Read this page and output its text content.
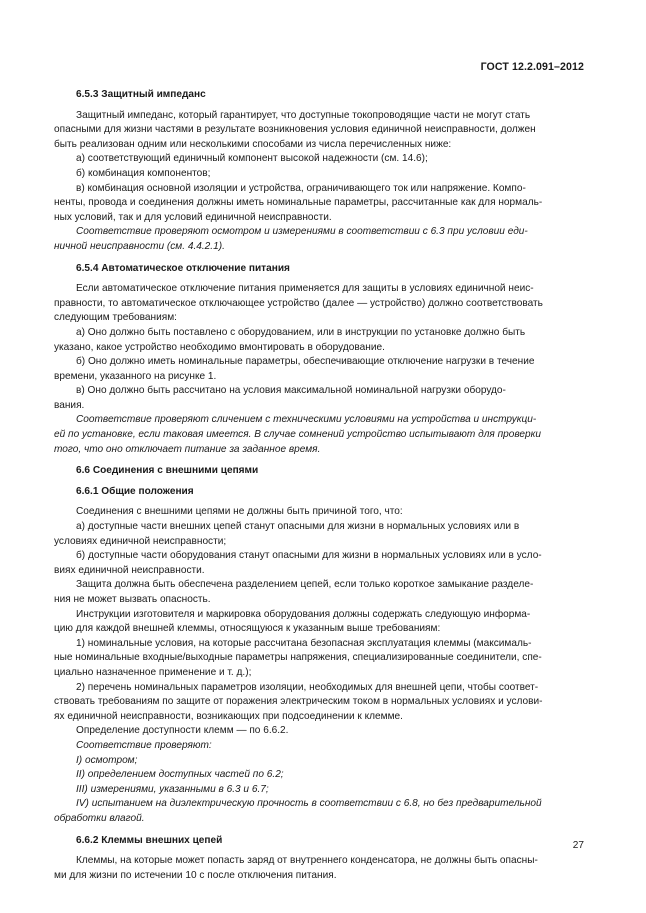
ГОСТ 12.2.091–2012
6.5.3 Защитный импеданс
Защитный импеданс, который гарантирует, что доступные токопроводящие части не могут стать
опасными для жизни частями в результате возникновения условия единичной неисправности, должен
быть реализован одним или несколькими способами из числа перечисленных ниже:
а) соответствующий единичный компонент высокой надежности (см. 14.6);
б) комбинация компонентов;
в) комбинация основной изоляции и устройства, ограничивающего ток или напряжение. Компо-
ненты, провода и соединения должны иметь номинальные параметры, рассчитанные как для нормаль-
ных условий, так и для условий единичной неисправности.
Соответствие проверяют осмотром и измерениями в соответствии с 6.3 при условии еди-
ничной неисправности (см. 4.4.2.1).
6.5.4 Автоматическое отключение питания
Если автоматическое отключение питания применяется для защиты в условиях единичной неис-
правности, то автоматическое отключающее устройство (далее — устройство) должно соответствовать
следующим требованиям:
а) Оно должно быть поставлено с оборудованием, или в инструкции по установке должно быть
указано, какое устройство необходимо вмонтировать в оборудование.
б) Оно должно иметь номинальные параметры, обеспечивающие отключение нагрузки в течение
времени, указанного на рисунке 1.
в) Оно должно быть рассчитано на условия максимальной номинальной нагрузки оборудо-
вания.
Соответствие проверяют сличением с техническими условиями на устройства и инструкци-
ей по установке, если таковая имеется. В случае сомнений устройство испытывают для проверки
того, что оно отключает питание за заданное время.
6.6 Соединения с внешними цепями
6.6.1 Общие положения
Соединения с внешними цепями не должны быть причиной того, что:
а) доступные части внешних цепей станут опасными для жизни в нормальных условиях или в
условиях единичной неисправности;
б) доступные части оборудования станут опасными для жизни в нормальных условиях или в усло-
виях единичной неисправности.
Защита должна быть обеспечена разделением цепей, если только короткое замыкание разделе-
ния не может вызвать опасность.
Инструкции изготовителя и маркировка оборудования должны содержать следующую информа-
цию для каждой внешней клеммы, относящуюся к указанным выше требованиям:
1) номинальные условия, на которые рассчитана безопасная эксплуатация клеммы (максималь-
ные номинальные входные/выходные параметры напряжения, специализированные соединители, спе-
циально назначенное применение и т. д.);
2) перечень номинальных параметров изоляции, необходимых для внешней цепи, чтобы соответ-
ствовать требованиям по защите от поражения электрическим током в нормальных условиях и услови-
ях единичной неисправности, возникающих при подсоединении к клемме.
Определение доступности клемм — по 6.6.2.
Соответствие проверяют:
I) осмотром;
II) определением доступных частей по 6.2;
III) измерениями, указанными в 6.3 и 6.7;
IV) испытанием на диэлектрическую прочность в соответствии с 6.8, но без предварительной
обработки влагой.
6.6.2 Клеммы внешних цепей
Клеммы, на которые может попасть заряд от внутреннего конденсатора, не должны быть опасны-
ми для жизни по истечении 10 с после отключения питания.
27
